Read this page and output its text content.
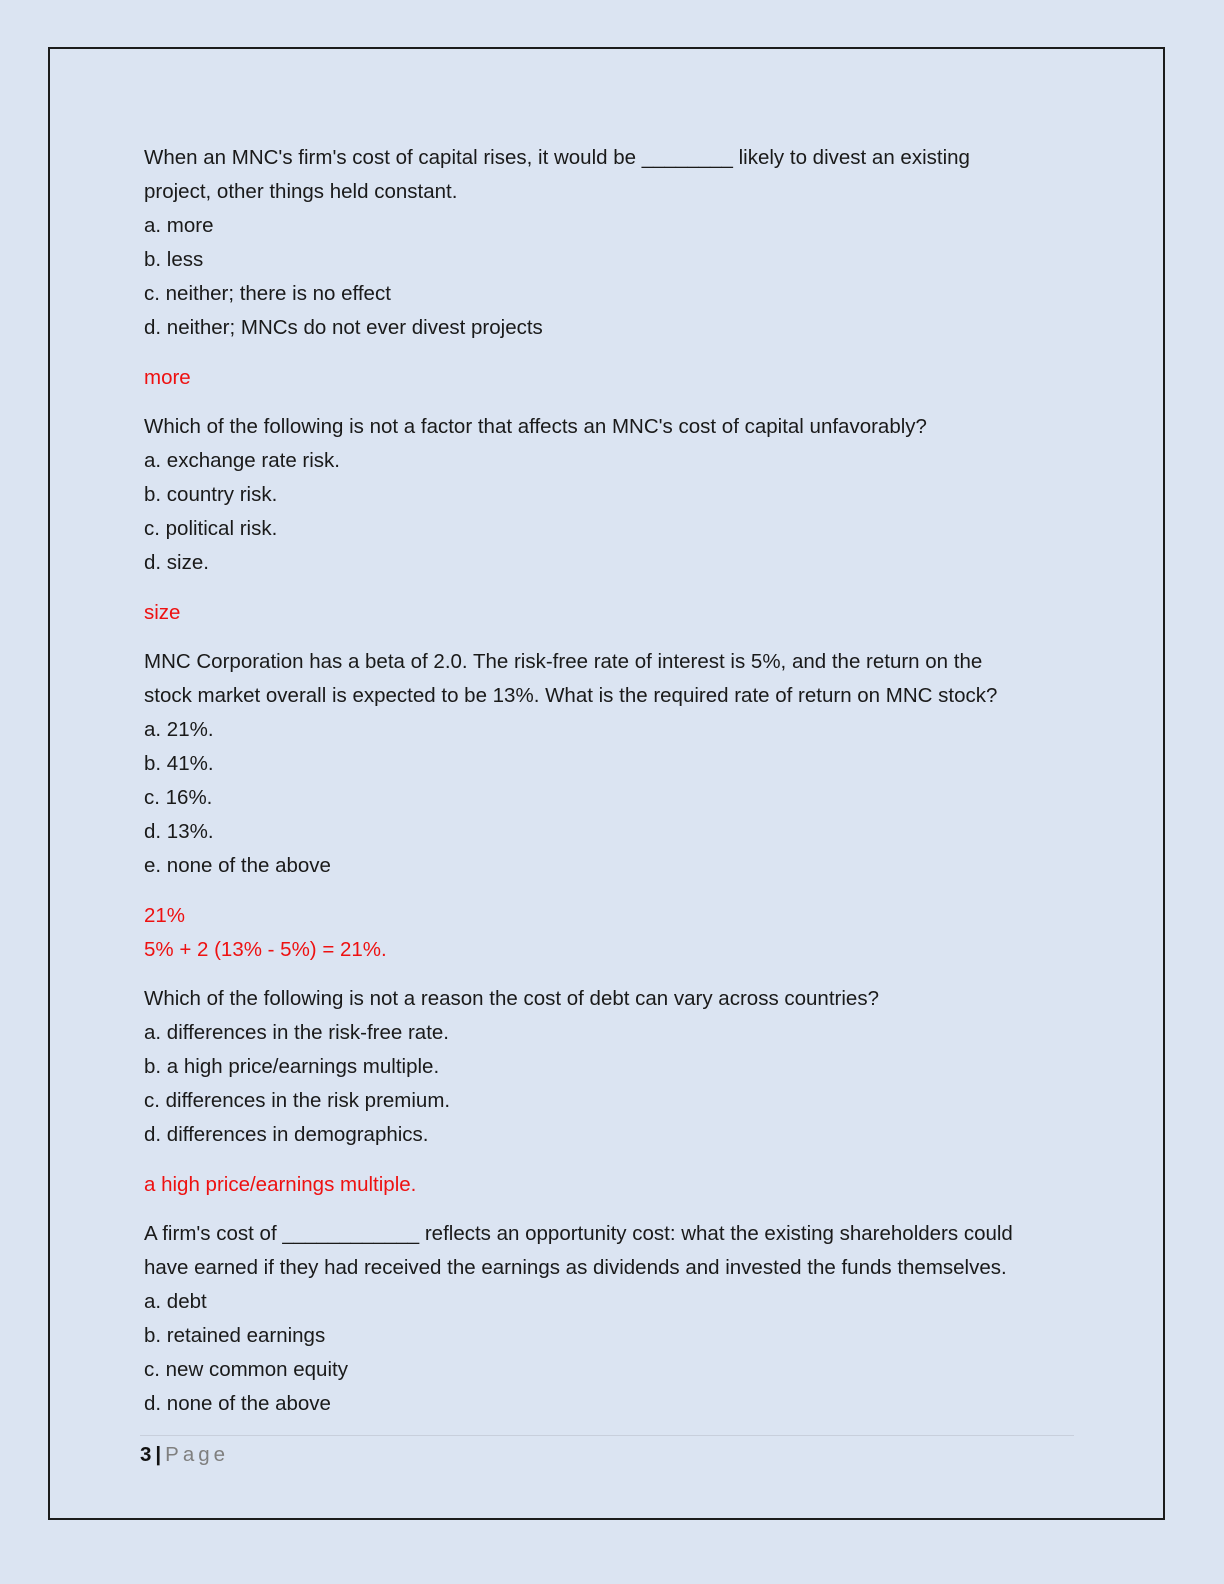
When an MNC's firm's cost of capital rises, it would be ________ likely to divest an existing
project, other things held constant.
a. more
b. less
c. neither; there is no effect
d. neither; MNCs do not ever divest projects
more
Which of the following is not a factor that affects an MNC's cost of capital unfavorably?
a. exchange rate risk.
b. country risk.
c. political risk.
d. size.
size
MNC Corporation has a beta of 2.0. The risk-free rate of interest is 5%, and the return on the
stock market overall is expected to be 13%. What is the required rate of return on MNC stock?
a. 21%.
b. 41%.
c. 16%.
d. 13%.
e. none of the above
21%
5% + 2 (13% - 5%) = 21%.
Which of the following is not a reason the cost of debt can vary across countries?
a. differences in the risk-free rate.
b. a high price/earnings multiple.
c. differences in the risk premium.
d. differences in demographics.
a high price/earnings multiple.
A firm's cost of ____________ reflects an opportunity cost: what the existing shareholders could
have earned if they had received the earnings as dividends and invested the funds themselves.
a. debt
b. retained earnings
c. new common equity
d. none of the above
3 | Page
